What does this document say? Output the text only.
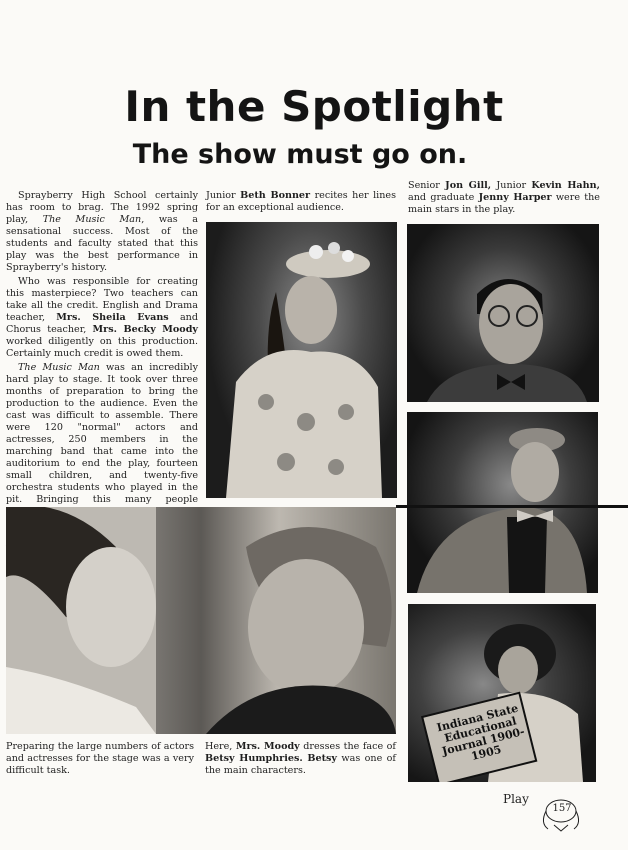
In the Spotlight
The show must go on.

Sprayberry High School certainly has room to brag. The 1992 spring play, The Music Man, was a sensational success. Most of the students and faculty stated that this play was the best performance in Sprayberry's history.

Who was responsible for creating this masterpiece? Two teachers can take all the credit. English and Drama teacher, Mrs. Sheila Evans and Chorus teacher, Mrs. Becky Moody worked diligently on this production. Certainly much credit is owed them.

The Music Man was an incredibly hard play to stage. It took over three months of preparation to bring the production to the audience. Even the cast was difficult to assemble. There were 120 "normal" actors and actresses, 250 members in the marching band that came into the auditorium to end the play, fourteen small children, and twenty-five orchestra students who played in the pit. Bringing this many people

Junior Beth Bonner recites her lines for an exceptional audience.
Senior Jon Gill, Junior Kevin Hahn, and graduate Jenny Harper were the main stars in the play.
Indiana State Educational Journal 1900-1905
Preparing the large numbers of actors and actresses for the stage was a very difficult task.
Here, Mrs. Moody dresses the face of Betsy Humphries. Betsy was one of the main characters.
Play
157
